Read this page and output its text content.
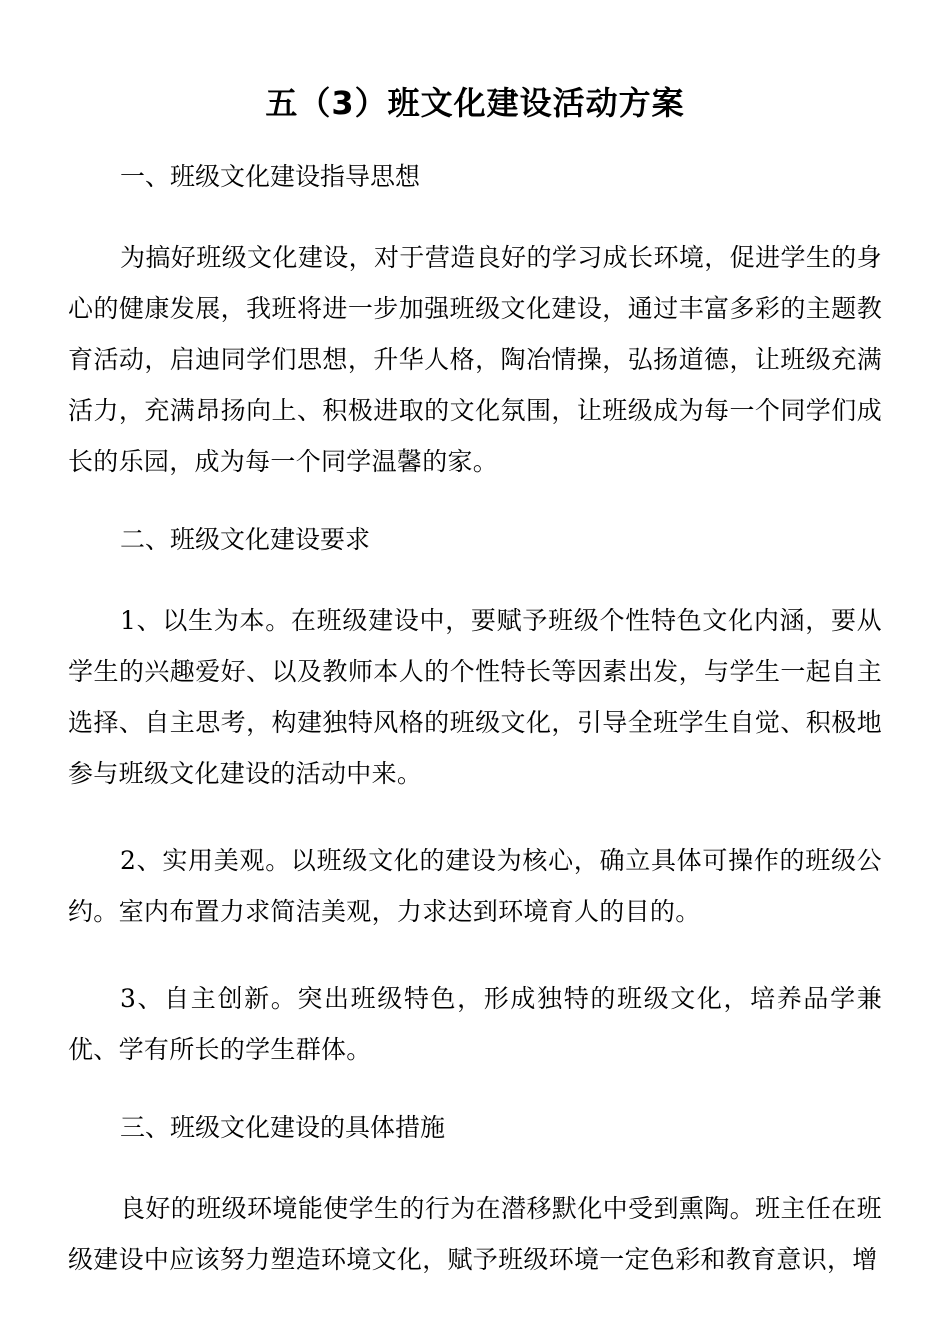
五（3）班文化建设活动方案

一、班级文化建设指导思想

为搞好班级文化建设，对于营造良好的学习成长环境，促进学生的身心的健康发展，我班将进一步加强班级文化建设，通过丰富多彩的主题教育活动，启迪同学们思想，升华人格，陶冶情操，弘扬道德，让班级充满活力，充满昂扬向上、积极进取的文化氛围，让班级成为每一个同学们成长的乐园，成为每一个同学温馨的家。

二、班级文化建设要求

1、以生为本。在班级建设中，要赋予班级个性特色文化内涵，要从学生的兴趣爱好、以及教师本人的个性特长等因素出发，与学生一起自主选择、自主思考，构建独特风格的班级文化，引导全班学生自觉、积极地参与班级文化建设的活动中来。

2、实用美观。以班级文化的建设为核心，确立具体可操作的班级公约。室内布置力求简洁美观，力求达到环境育人的目的。

3、自主创新。突出班级特色，形成独特的班级文化，培养品学兼优、学有所长的学生群体。

三、班级文化建设的具体措施

良好的班级环境能使学生的行为在潜移默化中受到熏陶。班主任在班级建设中应该努力塑造环境文化，赋予班级环境一定色彩和教育意识，增
